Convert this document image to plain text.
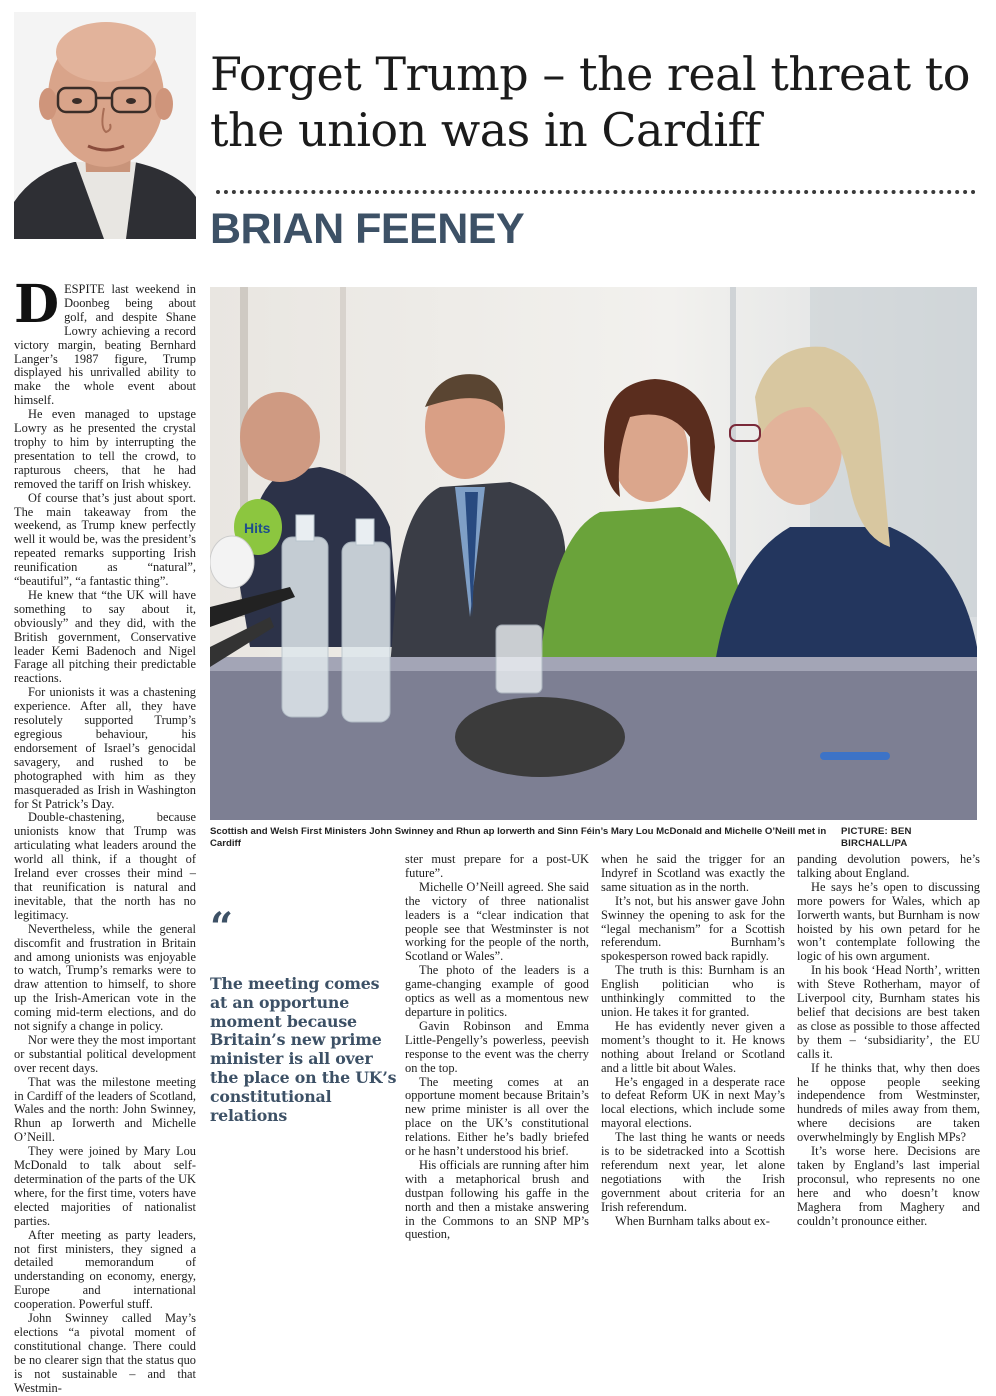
Forget Trump – the real threat to the union was in Cardiff
BRIAN FEENEY
D ESPITE last weekend in Doonbeg being about golf, and despite Shane Lowry achieving a record victory margin, beating Bernhard Langer’s 1987 figure, Trump displayed his unrivalled ability to make the whole event about himself.

He even managed to upstage Lowry as he presented the crystal trophy to him by interrupting the presentation to tell the crowd, to rapturous cheers, that he had removed the tariff on Irish whiskey.

Of course that’s just about sport. The main takeaway from the weekend, as Trump knew perfectly well it would be, was the president’s repeated remarks supporting Irish reunification as “natural”, “beautiful”, “a fantastic thing”.

He knew that “the UK will have something to say about it, obviously” and they did, with the British government, Conservative leader Kemi Badenoch and Nigel Farage all pitching their predictable reactions.

For unionists it was a chastening experience. After all, they have resolutely supported Trump’s egregious behaviour, his endorsement of Israel’s genocidal savagery, and rushed to be photographed with him as they masqueraded as Irish in Washington for St Patrick’s Day.

Double-chastening, because unionists know that Trump was articulating what leaders around the world all think, if a thought of Ireland ever crosses their mind – that reunification is natural and inevitable, that the north has no legitimacy.

Nevertheless, while the general discomfit and frustration in Britain and among unionists was enjoyable to watch, Trump’s remarks were to draw attention to himself, to shore up the Irish-American vote in the coming mid-term elections, and do not signify a change in policy.

Nor were they the most important or substantial political development over recent days.

That was the milestone meeting in Cardiff of the leaders of Scotland, Wales and the north: John Swinney, Rhun ap Iorwerth and Michelle O’Neill.

They were joined by Mary Lou McDonald to talk about self-determination of the parts of the UK where, for the first time, voters have elected majorities of nationalist parties.

After meeting as party leaders, not first ministers, they signed a detailed memorandum of understanding on economy, energy, Europe and international cooperation. Powerful stuff.

John Swinney called May’s elections “a pivotal moment of constitutional change. There could be no clearer sign that the status quo is not sustainable – and that Westmin-

Hits
Scottish and Welsh First Ministers John Swinney and Rhun ap Iorwerth and Sinn Féin’s Mary Lou McDonald and Michelle O’Neill met in Cardiff
PICTURE: BEN BIRCHALL/PA
“

The meeting comes at an opportune moment because Britain’s new prime minister is all over the place on the UK’s constitutional relations

ster must prepare for a post-UK future”.

Michelle O’Neill agreed. She said the victory of three nationalist leaders is a “clear indication that people see that Westminster is not working for the people of the north, Scotland or Wales”.

The photo of the leaders is a game-changing example of good optics as well as a momentous new departure in politics.

Gavin Robinson and Emma Little-Pengelly’s powerless, peevish response to the event was the cherry on the top.

The meeting comes at an opportune moment because Britain’s new prime minister is all over the place on the UK’s constitutional relations. Either he’s badly briefed or he hasn’t understood his brief.

His officials are running after him with a metaphorical brush and dustpan following his gaffe in the north and then a mistake answering in the Commons to an SNP MP’s question,

when he said the trigger for an Indyref in Scotland was exactly the same situation as in the north.

It’s not, but his answer gave John Swinney the opening to ask for the “legal mechanism” for a Scottish referendum. Burnham’s spokesperson rowed back rapidly.

The truth is this: Burnham is an English politician who is unthinkingly committed to the union. He takes it for granted.

He has evidently never given a moment’s thought to it. He knows nothing about Ireland or Scotland and a little bit about Wales.

He’s engaged in a desperate race to defeat Reform UK in next May’s local elections, which include some mayoral elections.

The last thing he wants or needs is to be sidetracked into a Scottish referendum next year, let alone negotiations with the Irish government about criteria for an Irish referendum.

When Burnham talks about ex-

panding devolution powers, he’s talking about England.

He says he’s open to discussing more powers for Wales, which ap Iorwerth wants, but Burnham is now hoisted by his own petard for he won’t contemplate following the logic of his own argument.

In his book ‘Head North’, written with Steve Rotherham, mayor of Liverpool city, Burnham states his belief that decisions are best taken as close as possible to those affected by them – ‘subsidiarity’, the EU calls it.

If he thinks that, why then does he oppose people seeking independence from Westminster, hundreds of miles away from them, where decisions are taken overwhelmingly by English MPs?

It’s worse here. Decisions are taken by England’s last imperial proconsul, who represents no one here and who doesn’t know Maghera from Maghery and couldn’t pronounce either.
